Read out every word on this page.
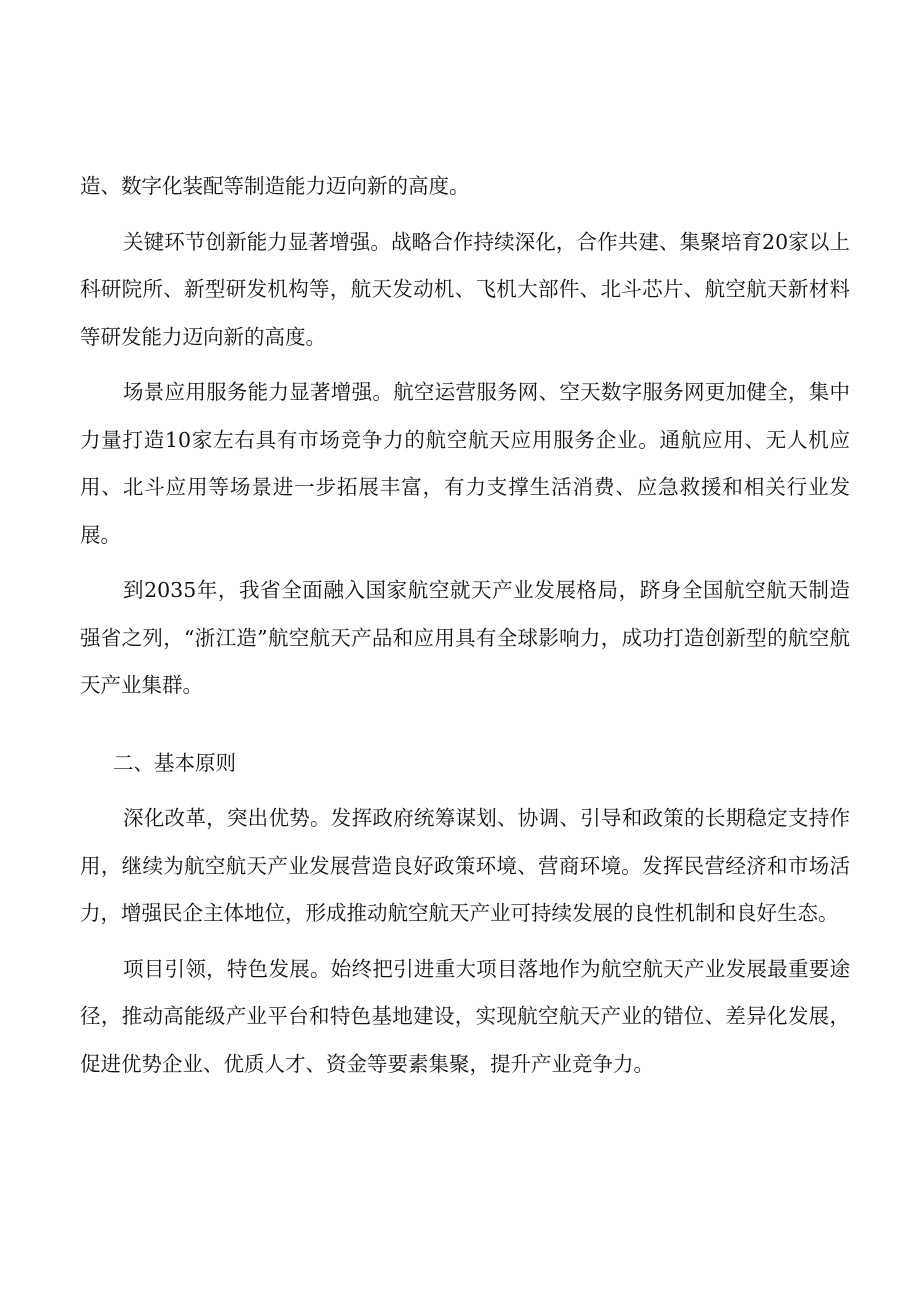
造、数字化装配等制造能力迈向新的高度。

关键环节创新能力显著增强。战略合作持续深化，合作共建、集聚培育20家以上科研院所、新型研发机构等，航天发动机、飞机大部件、北斗芯片、航空航天新材料等研发能力迈向新的高度。

场景应用服务能力显著增强。航空运营服务网、空天数字服务网更加健全，集中力量打造10家左右具有市场竞争力的航空航天应用服务企业。通航应用、无人机应用、北斗应用等场景进一步拓展丰富，有力支撑生活消费、应急救援和相关行业发展。

到2035年，我省全面融入国家航空就天产业发展格局，跻身全国航空航天制造强省之列，“浙江造”航空航天产品和应用具有全球影响力，成功打造创新型的航空航天产业集群。

二、基本原则

深化改革，突出优势。发挥政府统筹谋划、协调、引导和政策的长期稳定支持作用，继续为航空航天产业发展营造良好政策环境、营商环境。发挥民营经济和市场活力，增强民企主体地位，形成推动航空航天产业可持续发展的良性机制和良好生态。

项目引领，特色发展。始终把引进重大项目落地作为航空航天产业发展最重要途径，推动高能级产业平台和特色基地建设，实现航空航天产业的错位、差异化发展，促进优势企业、优质人才、资金等要素集聚，提升产业竞争力。
